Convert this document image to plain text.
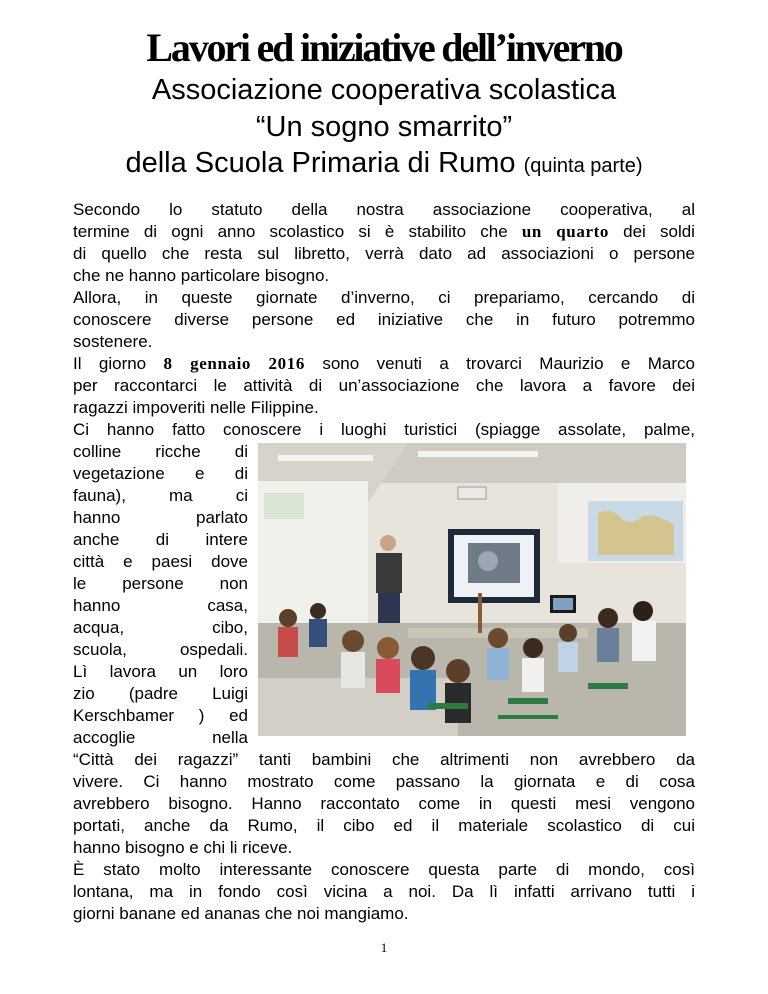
Lavori ed iniziative dell’inverno
Associazione cooperativa scolastica
“Un sogno smarrito”
della Scuola Primaria di Rumo (quinta parte)
Secondo lo statuto della nostra associazione cooperativa, al
termine di ogni anno scolastico si è stabilito che un quarto dei soldi
di quello che resta sul libretto, verrà dato ad associazioni o persone
che ne hanno particolare bisogno.
Allora, in queste giornate d’inverno, ci prepariamo, cercando di
conoscere diverse persone ed iniziative che in futuro potremmo
sostenere.
Il giorno 8 gennaio 2016 sono venuti a trovarci Maurizio e Marco
per raccontarci le attività di un’associazione che lavora a favore dei
ragazzi impoveriti nelle Filippine.
Ci hanno fatto conoscere i luoghi turistici (spiagge assolate, palme,
colline ricche di
vegetazione e di
fauna), ma ci
hanno parlato
anche di intere
città e paesi dove
le persone non
hanno casa,
acqua, cibo,
scuola, ospedali.
Lì lavora un loro
zio (padre Luigi
Kerschbamer ) ed
accoglie nella
“Città dei ragazzi” tanti bambini che altrimenti non avrebbero da
vivere. Ci hanno mostrato come passano la giornata e di cosa
avrebbero bisogno. Hanno raccontato come in questi mesi vengono
portati, anche da Rumo, il cibo ed il materiale scolastico di cui
hanno bisogno e chi li riceve.
È stato molto interessante conoscere questa parte di mondo, così
lontana, ma in fondo così vicina a noi. Da lì infatti arrivano tutti i
giorni banane ed ananas che noi mangiamo.
1
